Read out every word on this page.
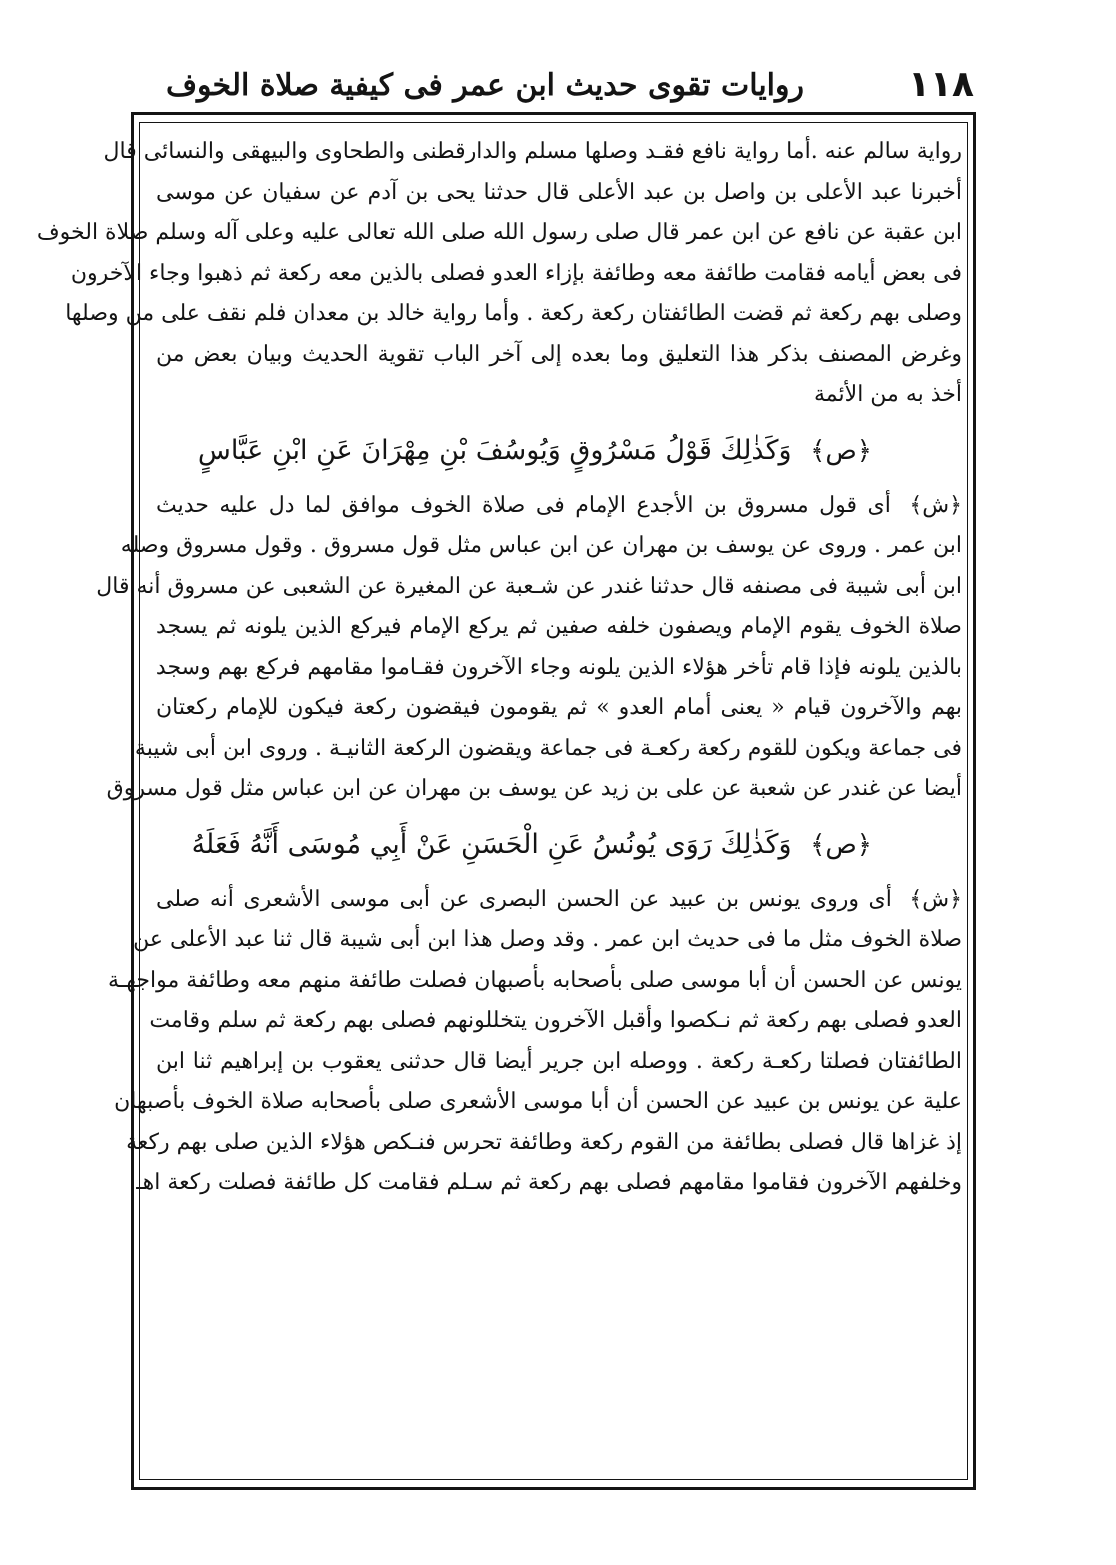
١١٨
روايات تقوى حديث ابن عمر فى كيفية صلاة الخوف
رواية سالم عنه .أما رواية نافع فقـد وصلها مسلم والدارقطنى والطحاوى والبيهقى والنسائى قال
أخبرنا عبد الأعلى بن واصل بن عبد الأعلى قال حدثنا يحى بن آدم عن سفيان عن موسى
ابن عقبة عن نافع عن ابن عمر قال صلى رسول الله صلى الله تعالى عليه وعلى آله وسلم صلاة الخوف
فى بعض أيامه فقامت طائفة معه وطائفة بإزاء العدو فصلى بالذين معه ركعة ثم ذهبوا وجاء الآخرون
وصلى بهم ركعة ثم قضت الطائفتان ركعة ركعة . وأما رواية خالد بن معدان فلم نقف على من وصلها
وغرض المصنف بذكر هذا التعليق وما بعده إلى آخر الباب تقوية الحديث وبيان بعض من
أخذ به من الأئمة
﴿ص﴾ وَكَذٰلِكَ قَوْلُ مَسْرُوقٍ وَيُوسُفَ بْنِ مِهْرَانَ عَنِ ابْنِ عَبَّاسٍ
﴿ش﴾ أى قول مسروق بن الأجدع الإمام فى صلاة الخوف موافق لما دل عليه حديث
ابن عمر . وروى عن يوسف بن مهران عن ابن عباس مثل قول مسروق . وقول مسروق وصله
ابن أبى شيبة فى مصنفه قال حدثنا غندر عن شـعبة عن المغيرة عن الشعبى عن مسروق أنه قال
صلاة الخوف يقوم الإمام ويصفون خلفه صفين ثم يركع الإمام فيركع الذين يلونه ثم يسجد
بالذين يلونه فإذا قام تأخر هؤلاء الذين يلونه وجاء الآخرون فقـاموا مقامهم فركع بهم وسجد
بهم والآخرون قيام « يعنى أمام العدو » ثم يقومون فيقضون ركعة فيكون للإمام ركعتان
فى جماعة ويكون للقوم ركعة ركعـة فى جماعة ويقضون الركعة الثانيـة . وروى ابن أبى شيبة
أيضا عن غندر عن شعبة عن على بن زيد عن يوسف بن مهران عن ابن عباس مثل قول مسروق
﴿ص﴾ وَكَذٰلِكَ رَوَى يُونُسُ عَنِ الْحَسَنِ عَنْ أَبِي مُوسَى أَنَّهُ فَعَلَهُ
﴿ش﴾ أى وروى يونس بن عبيد عن الحسن البصرى عن أبى موسى الأشعرى أنه صلى
صلاة الخوف مثل ما فى حديث ابن عمر . وقد وصل هذا ابن أبى شيبة قال ثنا عبد الأعلى عن
يونس عن الحسن أن أبا موسى صلى بأصحابه بأصبهان فصلت طائفة منهم معه وطائفة مواجهـة
العدو فصلى بهم ركعة ثم نـكصوا وأقبل الآخرون يتخللونهم فصلى بهم ركعة ثم سلم وقامت
الطائفتان فصلتا ركعـة ركعة . ووصله ابن جرير أيضا قال حدثنى يعقوب بن إبراهيم ثنا ابن
علية عن يونس بن عبيد عن الحسن أن أبا موسى الأشعرى صلى بأصحابه صلاة الخوف بأصبهان
إذ غزاها قال فصلى بطائفة من القوم ركعة وطائفة تحرس فنـكص هؤلاء الذين صلى بهم ركعة
وخلفهم الآخرون فقاموا مقامهم فصلى بهم ركعة ثم سـلم فقامت كل طائفة فصلت ركعة اهـ
